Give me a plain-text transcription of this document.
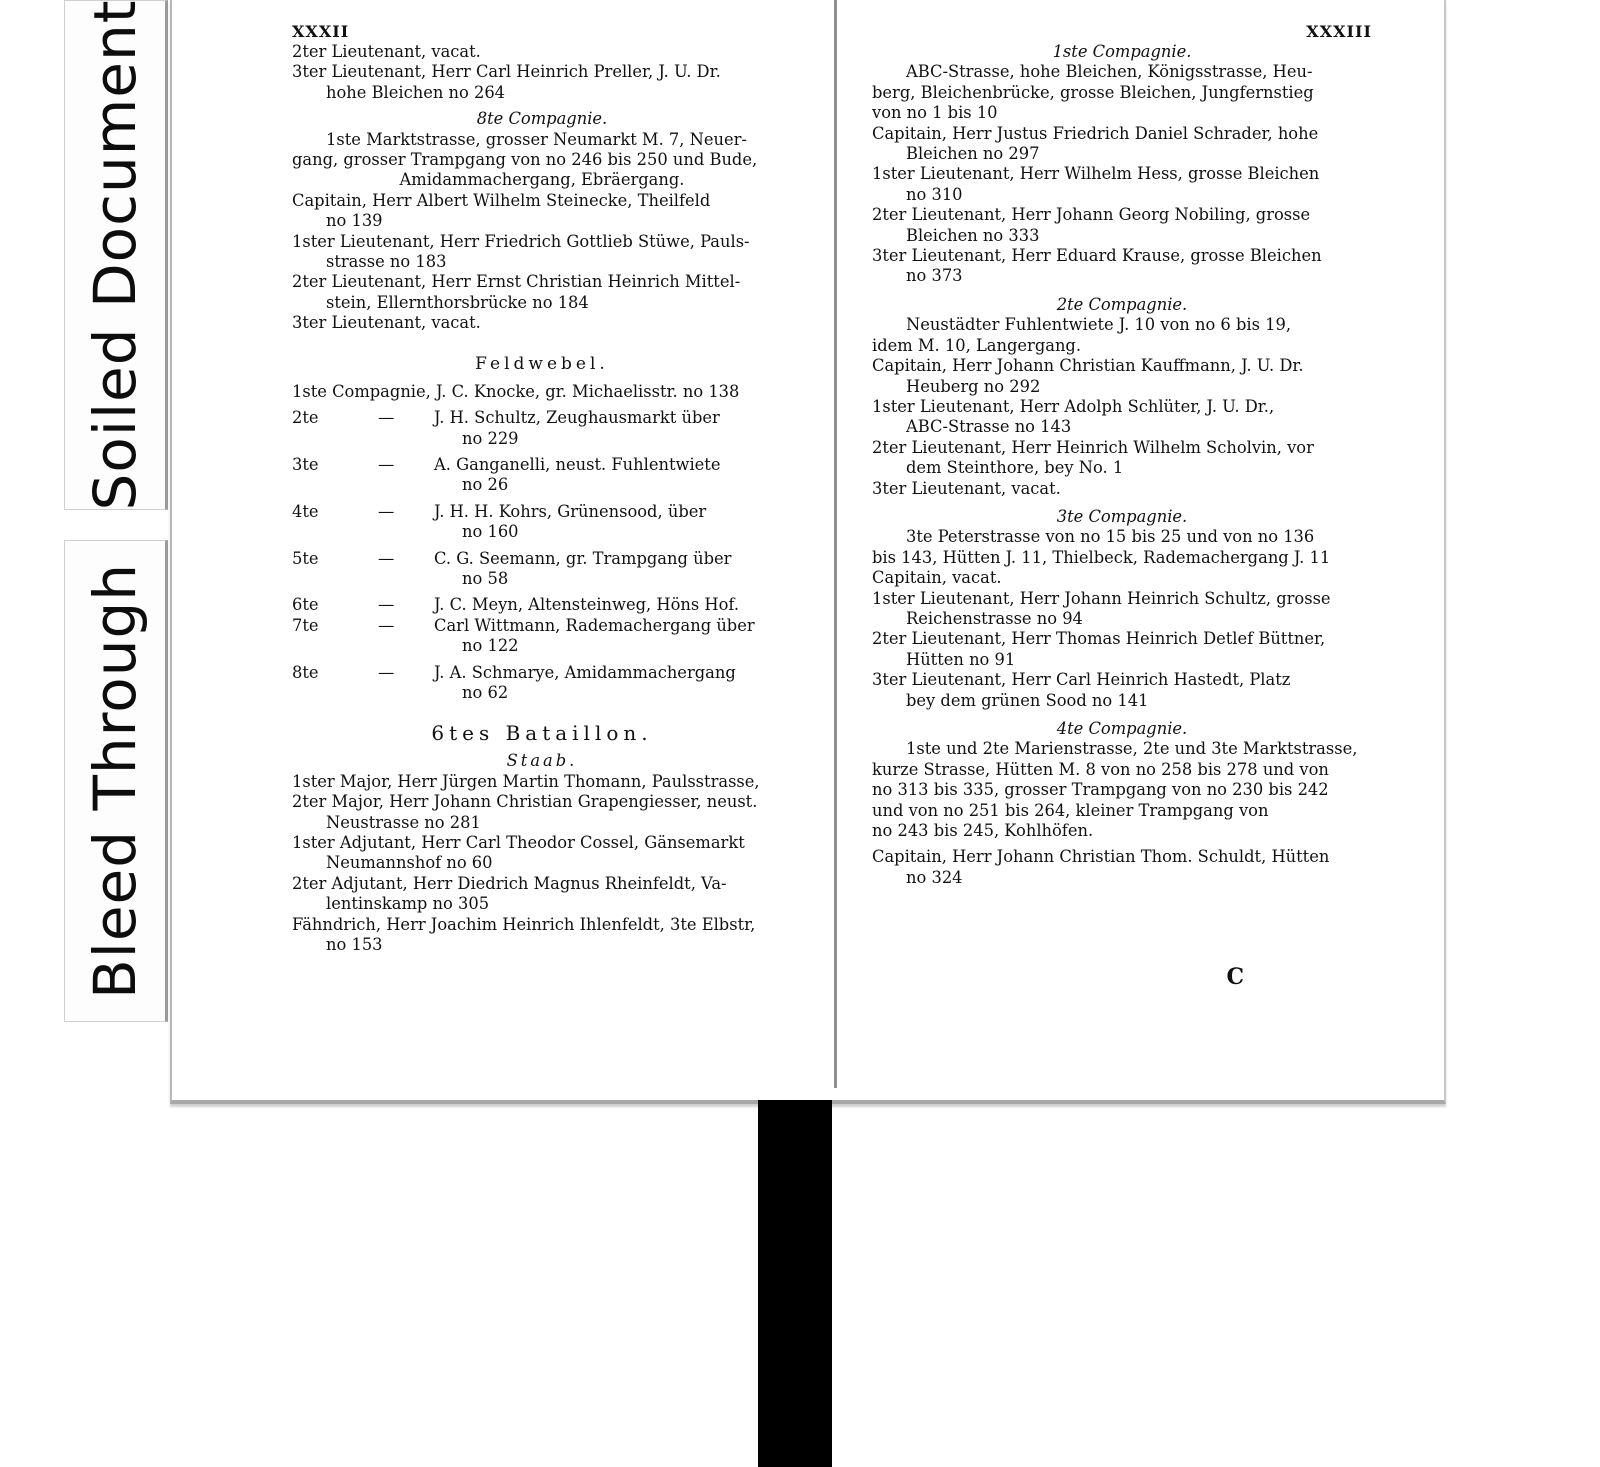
Soiled Document
Bleed Through
XXXII
2ter Lieutenant, vacat.
3ter Lieutenant, Herr Carl Heinrich Preller, J. U. Dr.
hohe Bleichen no 264
8te Compagnie.
1ste Marktstrasse, grosser Neumarkt M. 7, Neuer-
gang, grosser Trampgang von no 246 bis 250 und Bude,
Amidammachergang, Ebräergang.
Capitain, Herr Albert Wilhelm Steinecke, Theilfeld
no 139
1ster Lieutenant, Herr Friedrich Gottlieb Stüwe, Pauls-
strasse no 183
2ter Lieutenant, Herr Ernst Christian Heinrich Mittel-
stein, Ellernthorsbrücke no 184
3ter Lieutenant, vacat.
Feldwebel.
1ste Compagnie, J. C. Knocke, gr. Michaelisstr. no 138
2te	—	J. H. Schultz, Zeughausmarkt über
no 229
3te	—	A. Ganganelli, neust. Fuhlentwiete
no 26
4te	—	J. H. H. Kohrs, Grünensood, über
no 160
5te	—	C. G. Seemann, gr. Trampgang über
no 58
6te	—	J. C. Meyn, Altensteinweg, Höns Hof.
7te	—	Carl Wittmann, Rademachergang über
no 122
8te	—	J. A. Schmarye, Amidammachergang
no 62
6tes Bataillon.
Staab.
1ster Major, Herr Jürgen Martin Thomann, Paulsstrasse,
2ter Major, Herr Johann Christian Grapengiesser, neust.
Neustrasse no 281
1ster Adjutant, Herr Carl Theodor Cossel, Gänsemarkt
Neumannshof no 60
2ter Adjutant, Herr Diedrich Magnus Rheinfeldt, Va-
lentinskamp no 305
Fähndrich, Herr Joachim Heinrich Ihlenfeldt, 3te Elbstr,
no 153
XXXIII
1ste Compagnie.
ABC-Strasse, hohe Bleichen, Königsstrasse, Heu-
berg, Bleichenbrücke, grosse Bleichen, Jungfernstieg
von no 1 bis 10
Capitain, Herr Justus Friedrich Daniel Schrader, hohe
Bleichen no 297
1ster Lieutenant, Herr Wilhelm Hess, grosse Bleichen
no 310
2ter Lieutenant, Herr Johann Georg Nobiling, grosse
Bleichen no 333
3ter Lieutenant, Herr Eduard Krause, grosse Bleichen
no 373
2te Compagnie.
Neustädter Fuhlentwiete J. 10 von no 6 bis 19,
idem M. 10, Langergang.
Capitain, Herr Johann Christian Kauffmann, J. U. Dr.
Heuberg no 292
1ster Lieutenant, Herr Adolph Schlüter, J. U. Dr.,
ABC-Strasse no 143
2ter Lieutenant, Herr Heinrich Wilhelm Scholvin, vor
dem Steinthore, bey No. 1
3ter Lieutenant, vacat.
3te Compagnie.
3te Peterstrasse von no 15 bis 25 und von no 136
bis 143, Hütten J. 11, Thielbeck, Rademachergang J. 11
Capitain, vacat.
1ster Lieutenant, Herr Johann Heinrich Schultz, grosse
Reichenstrasse no 94
2ter Lieutenant, Herr Thomas Heinrich Detlef Büttner,
Hütten no 91
3ter Lieutenant, Herr Carl Heinrich Hastedt, Platz
bey dem grünen Sood no 141
4te Compagnie.
1ste und 2te Marienstrasse, 2te und 3te Marktstrasse,
kurze Strasse, Hütten M. 8 von no 258 bis 278 und von
no 313 bis 335, grosser Trampgang von no 230 bis 242
und von no 251 bis 264, kleiner Trampgang von
no 243 bis 245, Kohlhöfen.
Capitain, Herr Johann Christian Thom. Schuldt, Hütten
no 324
C
